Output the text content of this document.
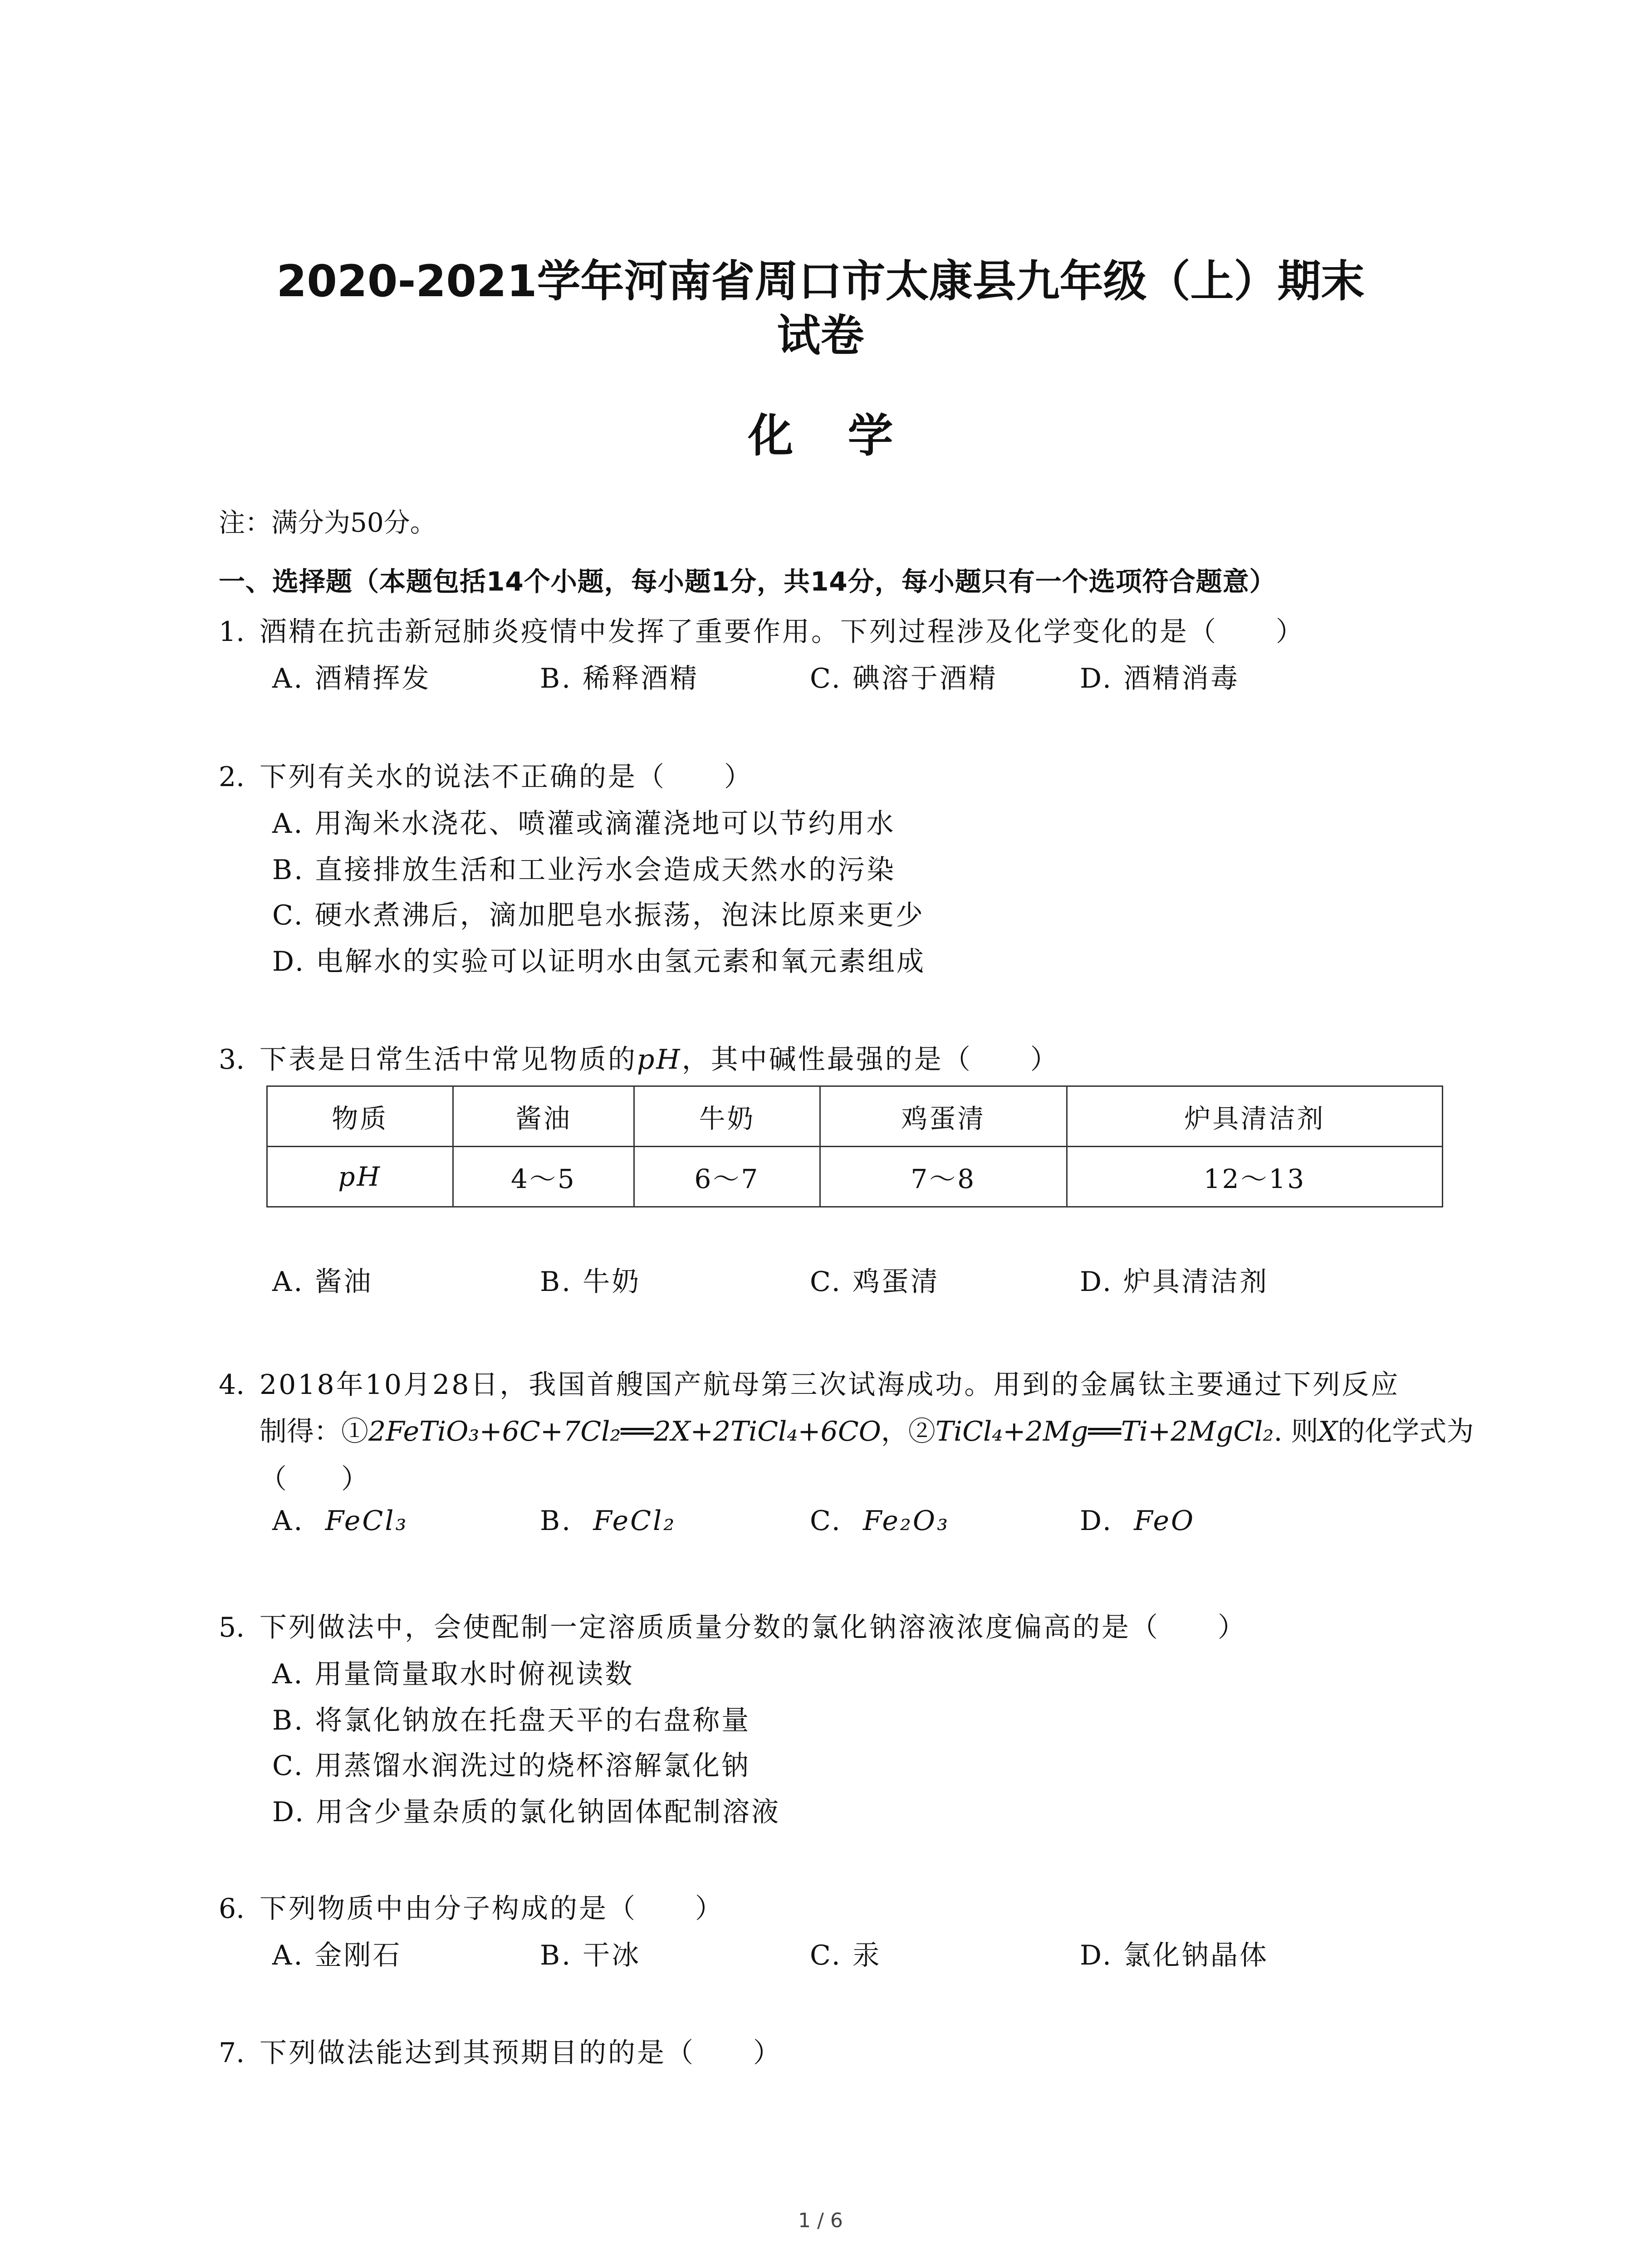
2020-2021学年河南省周口市太康县九年级（上）期末
试卷
化学
注：满分为50分。
一、选择题（本题包括14个小题，每小题1分，共14分，每小题只有一个选项符合题意）
1. 酒精在抗击新冠肺炎疫情中发挥了重要作用。下列过程涉及化学变化的是（　　）
A. 酒精挥发	B. 稀释酒精	C. 碘溶于酒精	D. 酒精消毒
2. 下列有关水的说法不正确的是（　　）
A. 用淘米水浇花、喷灌或滴灌浇地可以节约用水
B. 直接排放生活和工业污水会造成天然水的污染
C. 硬水煮沸后，滴加肥皂水振荡，泡沫比原来更少
D. 电解水的实验可以证明水由氢元素和氧元素组成
3. 下表是日常生活中常见物质的pH，其中碱性最强的是（　　）
物质	酱油	牛奶	鸡蛋清	炉具清洁剂
pH	4～5	6～7	7～8	12～13
A. 酱油	B. 牛奶	C. 鸡蛋清	D. 炉具清洁剂
4. 2018年10月28日，我国首艘国产航母第三次试海成功。用到的金属钛主要通过下列反应
制得：①2FeTiO₃+6C+7Cl₂══2X+2TiCl₄+6CO，②TiCl₄+2Mg══Ti+2MgCl₂. 则X的化学式为
（　　）
A. FeCl₃	B. FeCl₂	C. Fe₂O₃	D. FeO
5. 下列做法中，会使配制一定溶质质量分数的氯化钠溶液浓度偏高的是（　　）
A. 用量筒量取水时俯视读数
B. 将氯化钠放在托盘天平的右盘称量
C. 用蒸馏水润洗过的烧杯溶解氯化钠
D. 用含少量杂质的氯化钠固体配制溶液
6. 下列物质中由分子构成的是（　　）
A. 金刚石	B. 干冰	C. 汞	D. 氯化钠晶体
7. 下列做法能达到其预期目的的是（　　）
1 / 6
